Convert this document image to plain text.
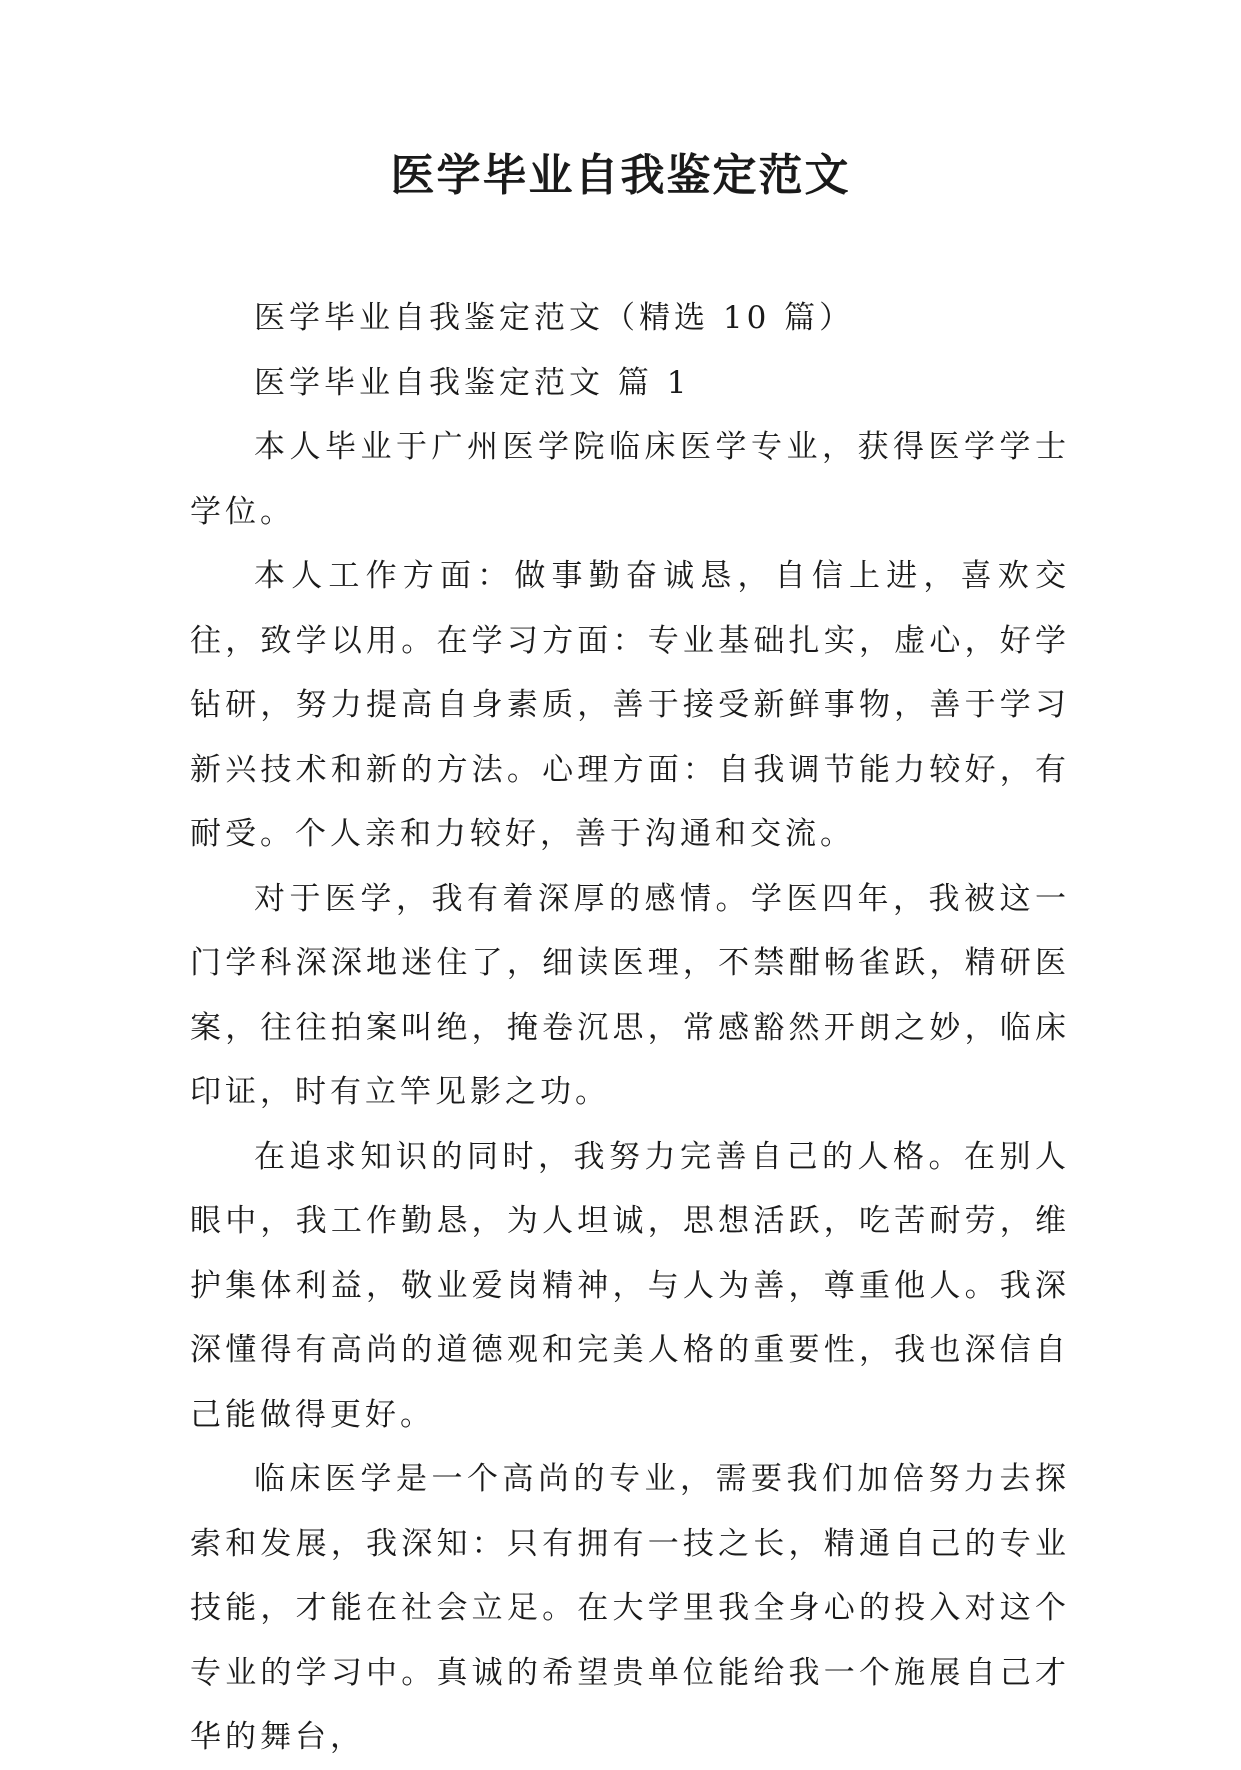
医学毕业自我鉴定范文

医学毕业自我鉴定范文（精选 10 篇）

医学毕业自我鉴定范文 篇 1

本人毕业于广州医学院临床医学专业，获得医学学士学位。

本人工作方面：做事勤奋诚恳，自信上进，喜欢交往，致学以用。在学习方面：专业基础扎实，虚心，好学钻研，努力提高自身素质，善于接受新鲜事物，善于学习新兴技术和新的方法。心理方面：自我调节能力较好，有耐受。个人亲和力较好，善于沟通和交流。

对于医学，我有着深厚的感情。学医四年，我被这一门学科深深地迷住了，细读医理，不禁酣畅雀跃，精研医案，往往拍案叫绝，掩卷沉思，常感豁然开朗之妙，临床印证，时有立竿见影之功。

在追求知识的同时，我努力完善自己的人格。在别人眼中，我工作勤恳，为人坦诚，思想活跃，吃苦耐劳，维护集体利益，敬业爱岗精神，与人为善，尊重他人。我深深懂得有高尚的道德观和完美人格的重要性，我也深信自己能做得更好。

临床医学是一个高尚的专业，需要我们加倍努力去探索和发展，我深知：只有拥有一技之长，精通自己的专业技能，才能在社会立足。在大学里我全身心的投入对这个专业的学习中。真诚的希望贵单位能给我一个施展自己才华的舞台，
